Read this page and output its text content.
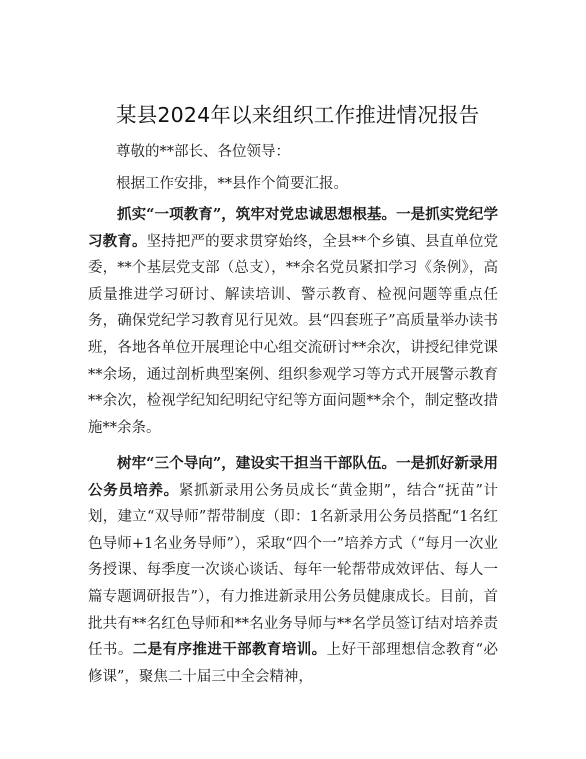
某县2024年以来组织工作推进情况报告
尊敬的**部长、各位领导：
根据工作安排，**县作个简要汇报。

抓实“一项教育”，筑牢对党忠诚思想根基。一是抓实党纪学习教育。坚持把严的要求贯穿始终，全县**个乡镇、县直单位党委，**个基层党支部（总支），**余名党员紧扣学习《条例》，高质量推进学习研讨、解读培训、警示教育、检视问题等重点任务，确保党纪学习教育见行见效。县“四套班子”高质量举办读书班，各地各单位开展理论中心组交流研讨**余次，讲授纪律党课**余场，通过剖析典型案例、组织参观学习等方式开展警示教育**余次，检视学纪知纪明纪守纪等方面问题**余个，制定整改措施**余条。

树牢“三个导向”，建设实干担当干部队伍。一是抓好新录用公务员培养。紧抓新录用公务员成长“黄金期”，结合“抚苗”计划，建立“双导师”帮带制度（即：1名新录用公务员搭配“1名红色导师+1名业务导师”），采取“四个一”培养方式（“每月一次业务授课、每季度一次谈心谈话、每年一轮帮带成效评估、每人一篇专题调研报告”），有力推进新录用公务员健康成长。目前，首批共有**名红色导师和**名业务导师与**名学员签订结对培养责任书。二是有序推进干部教育培训。上好干部理想信念教育“必修课”，聚焦二十届三中全会精神，
